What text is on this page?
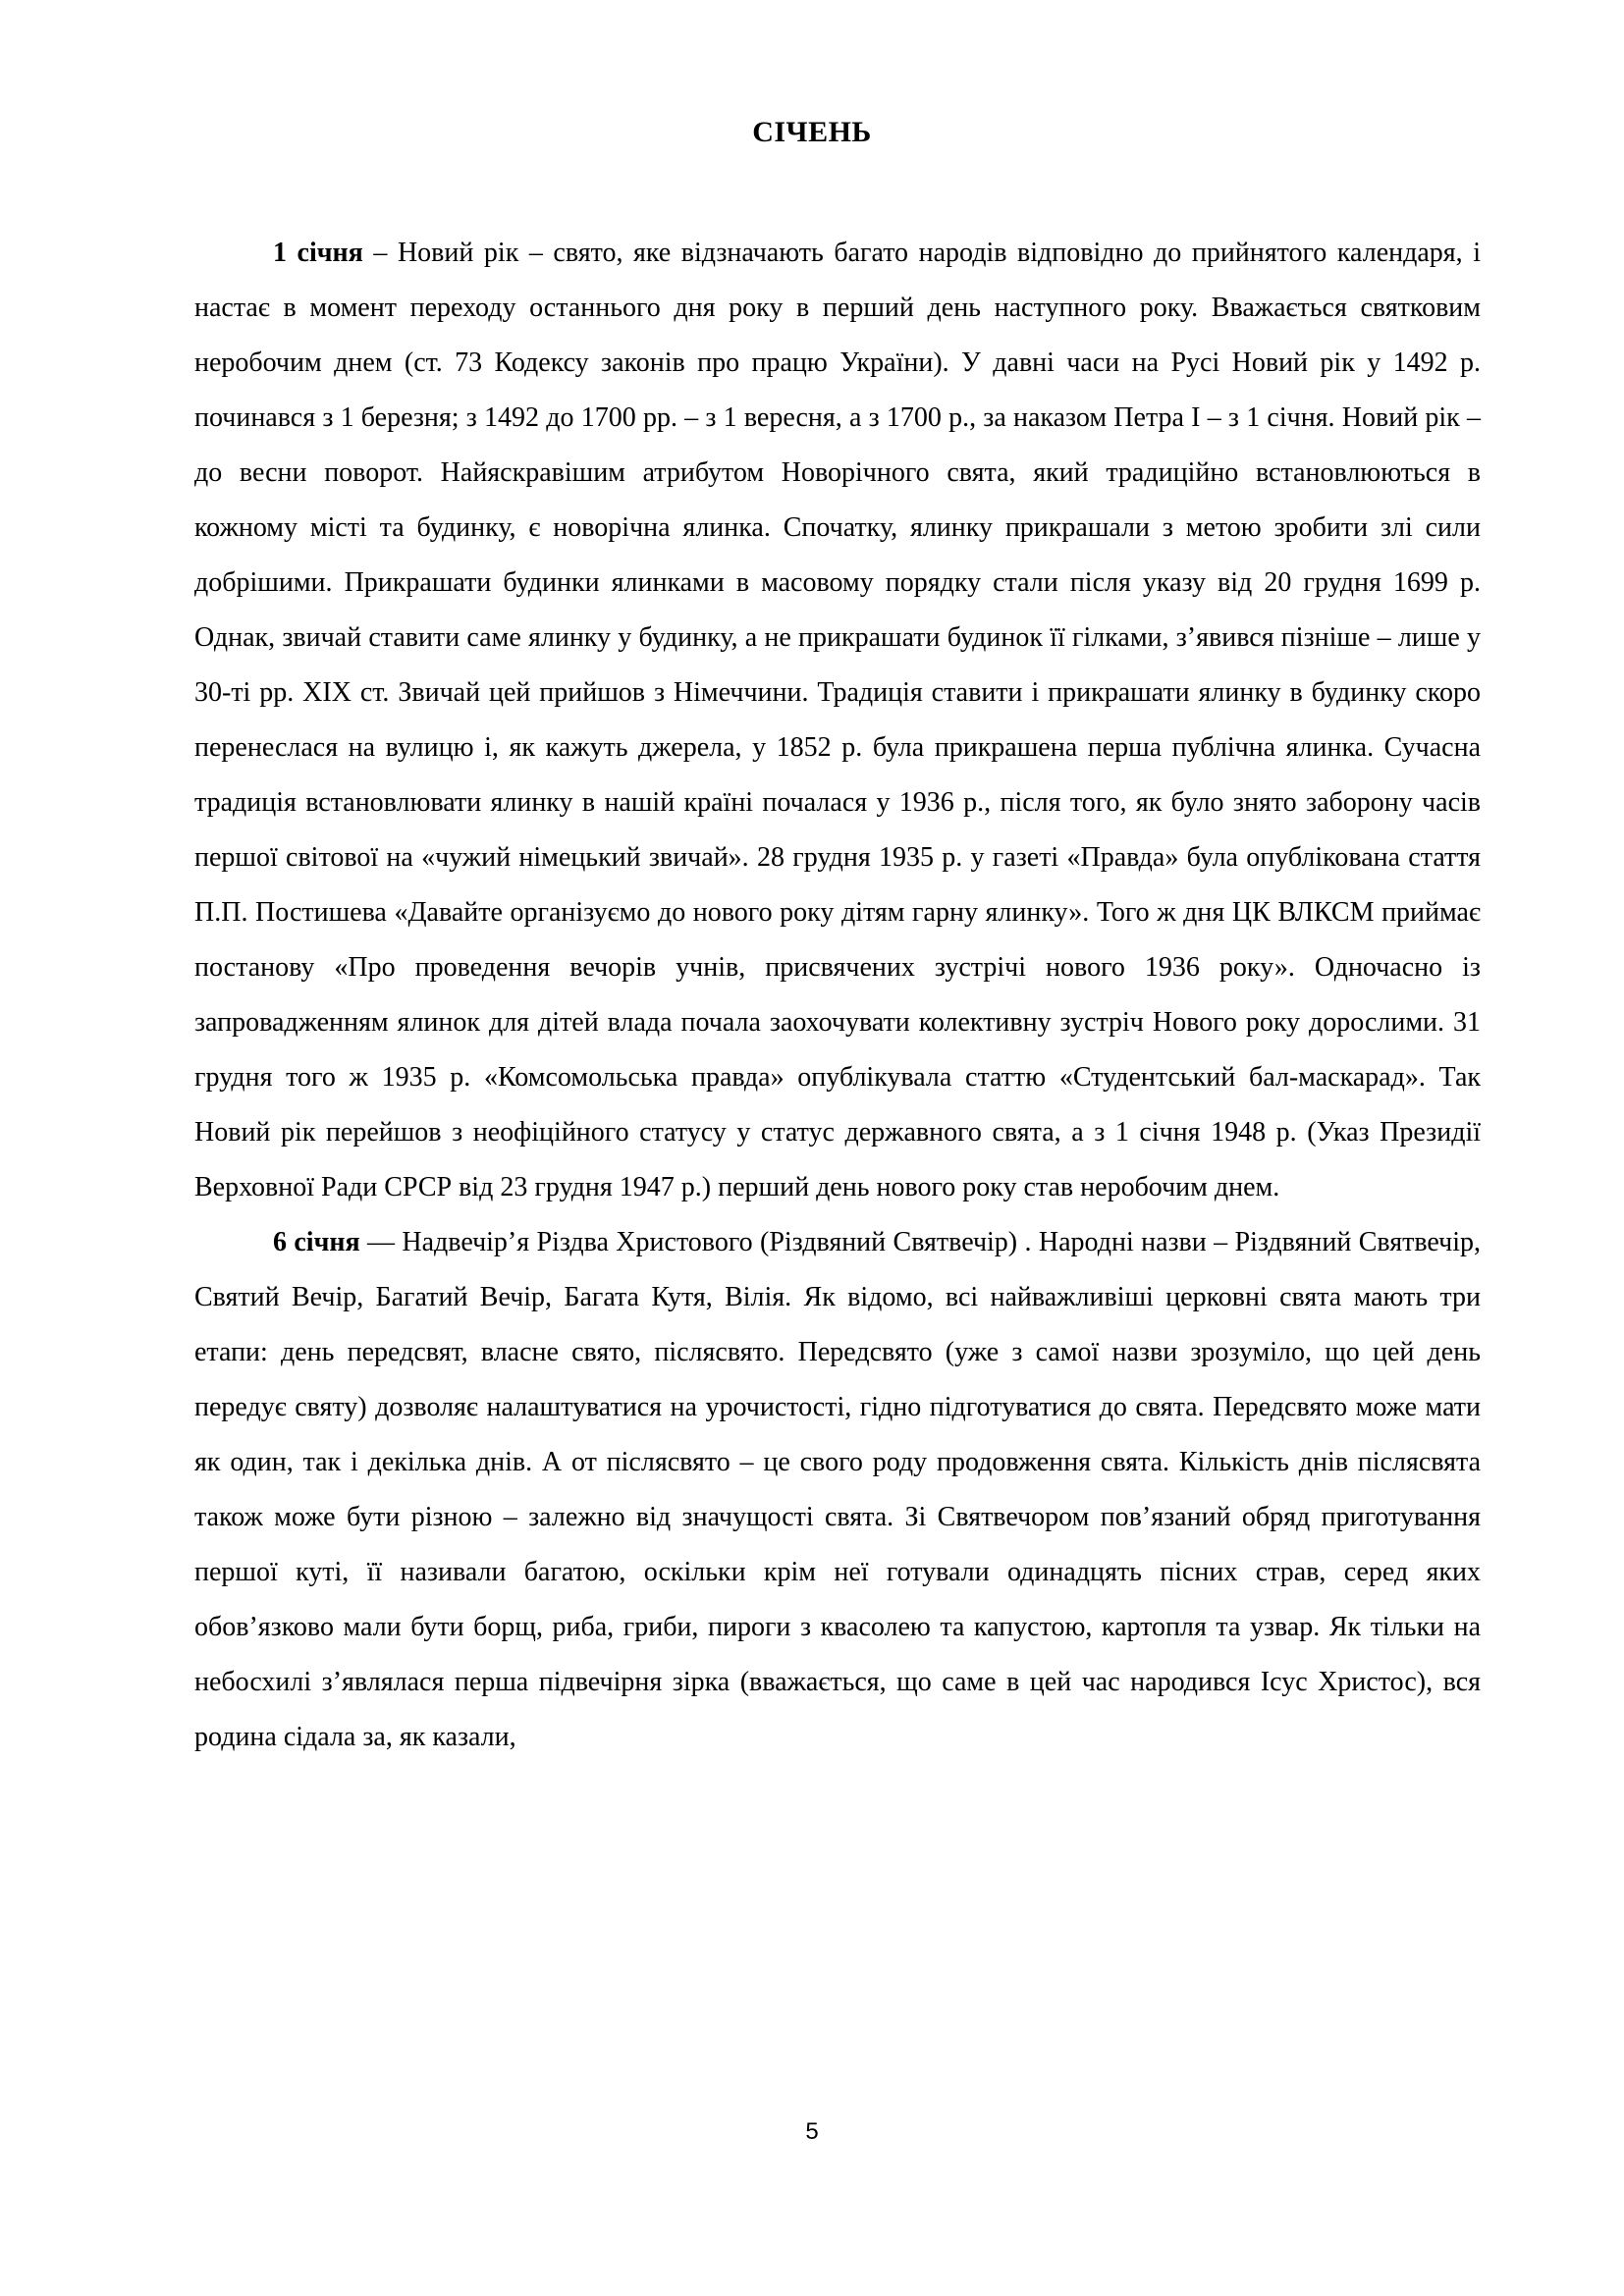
СІЧЕНЬ

1 січня – Новий рік – свято, яке відзначають багато народів відповідно до прийнятого календаря, і настає в момент переходу останнього дня року в перший день наступного року. Вважається святковим неробочим днем (ст. 73 Кодексу законів про працю України). У давні часи на Русі Новий рік у 1492 р. починався з 1 березня; з 1492 до 1700 рр. – з 1 вересня, а з 1700 р., за наказом Петра І – з 1 січня. Новий рік – до весни поворот. Найяскравішим атрибутом Новорічного свята, який традиційно встановлюються в кожному місті та будинку, є новорічна ялинка. Спочатку, ялинку прикрашали з метою зробити злі сили добрішими. Прикрашати будинки ялинками в масовому порядку стали після указу від 20 грудня 1699 р. Однак, звичай ставити саме ялинку у будинку, а не прикрашати будинок її гілками, з’явився пізніше – лише у 30-ті рр. ХІХ ст. Звичай цей прийшов з Німеччини. Традиція ставити і прикрашати ялинку в будинку скоро перенеслася на вулицю і, як кажуть джерела, у 1852 р. була прикрашена перша публічна ялинка. Сучасна традиція встановлювати ялинку в нашій країні почалася у 1936 р., після того, як було знято заборону часів першої світової на «чужий німецький звичай». 28 грудня 1935 р. у газеті «Правда» була опублікована стаття П.П. Постишева «Давайте організуємо до нового року дітям гарну ялинку». Того ж дня ЦК ВЛКСМ приймає постанову «Про проведення вечорів учнів, присвячених зустрічі нового 1936 року». Одночасно із запровадженням ялинок для дітей влада почала заохочувати колективну зустріч Нового року дорослими. 31 грудня того ж 1935 р. «Комсомольська правда» опублікувала статтю «Студентський бал-маскарад». Так Новий рік перейшов з неофіційного статусу у статус державного свята, а з 1 січня 1948 р. (Указ Президії Верховної Ради СРСР від 23 грудня 1947 р.) перший день нового року став неробочим днем.

6 січня — Надвечір’я Різдва Христового (Різдвяний Святвечір) . Народні назви – Різдвяний Святвечір, Святий Вечір, Багатий Вечір, Багата Кутя, Вілія. Як відомо, всі найважливіші церковні свята мають три етапи: день передсвят, власне свято, післясвято. Передсвято (уже з самої назви зрозуміло, що цей день передує святу) дозволяє налаштуватися на урочистості, гідно підготуватися до свята. Передсвято може мати як один, так і декілька днів. А от післясвято – це свого роду продовження свята. Кількість днів післясвята також може бути різною – залежно від значущості свята. Зі Святвечором пов’язаний обряд приготування першої куті, її називали багатою, оскільки крім неї готували одинадцять пісних страв, серед яких обов’язково мали бути борщ, риба, гриби, пироги з квасолею та капустою, картопля та узвар. Як тільки на небосхилі з’являлася перша підвечірня зірка (вважається, що саме в цей час народився Ісус Христос), вся родина сідала за, як казали,

5
